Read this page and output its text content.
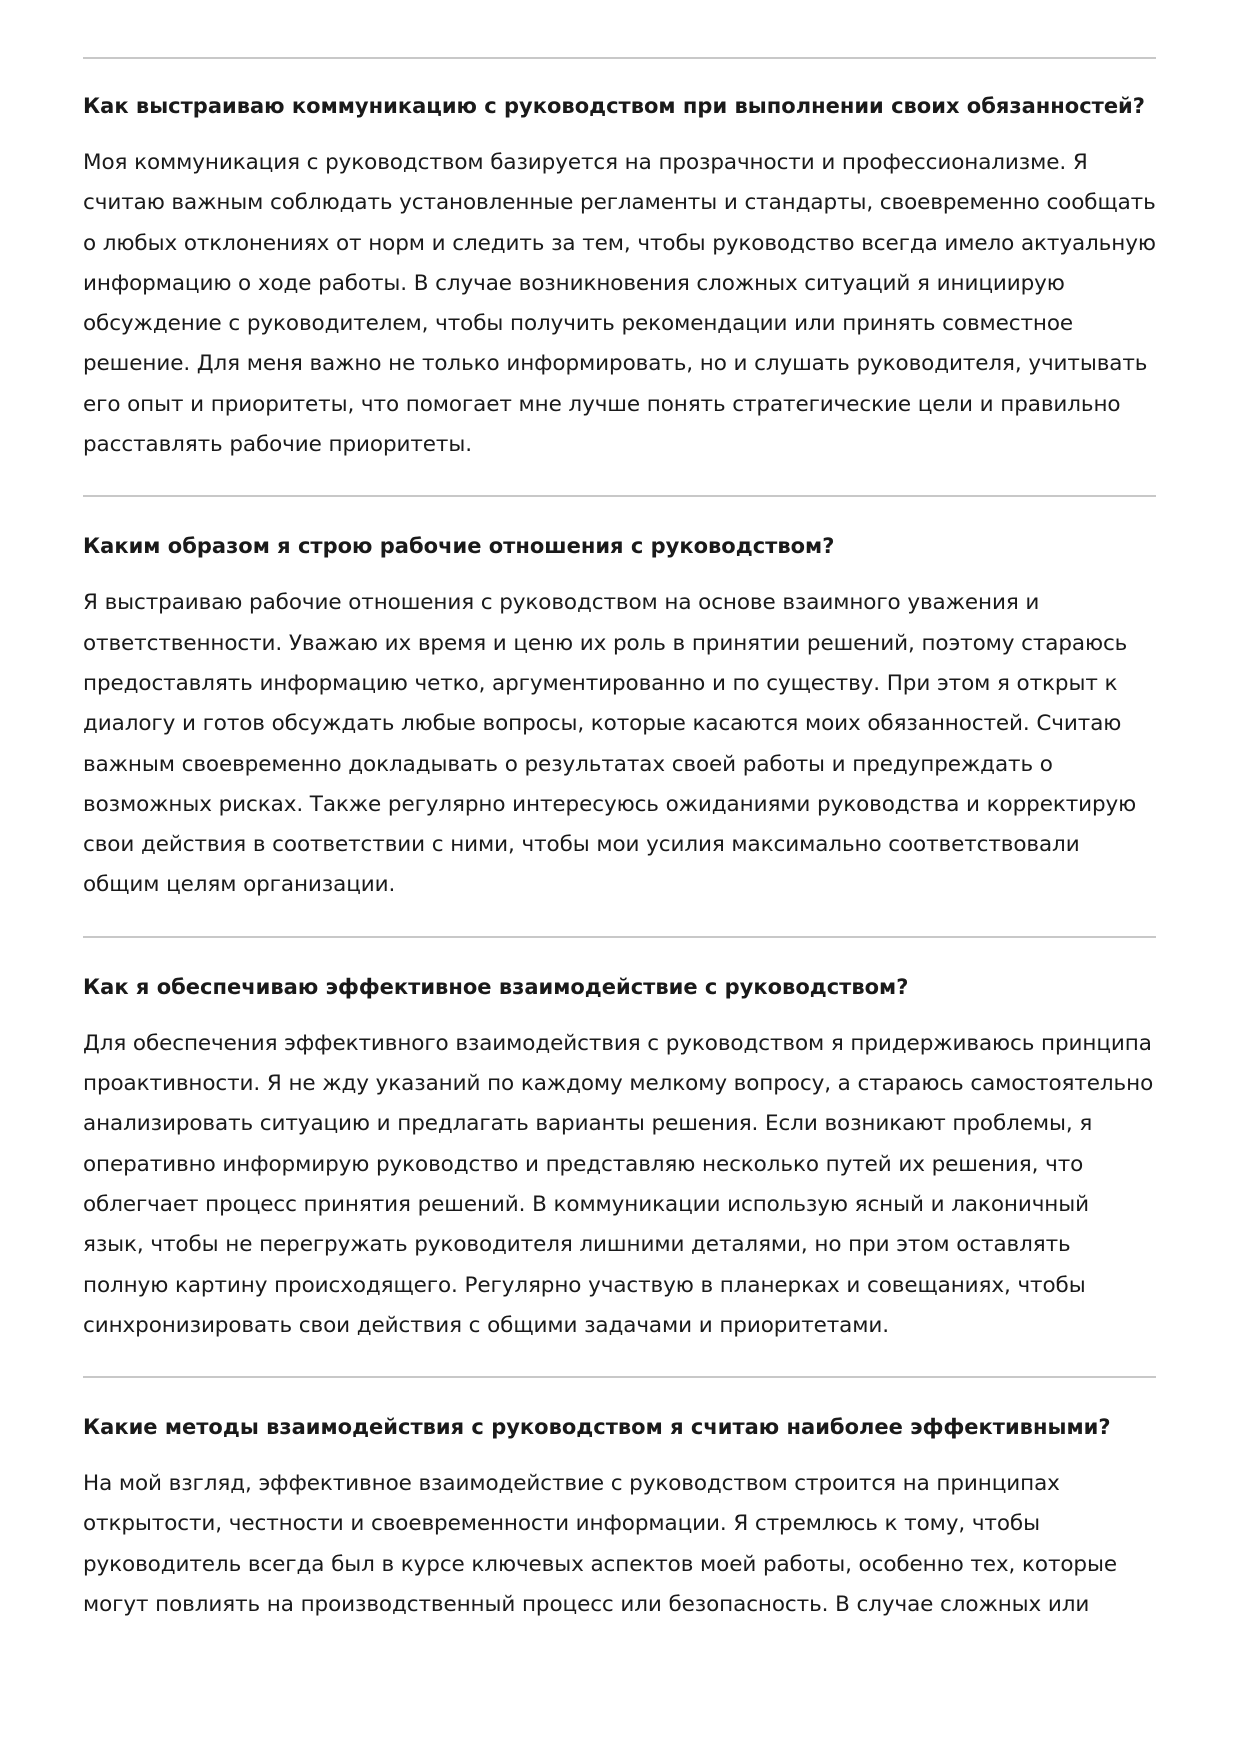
Как выстраиваю коммуникацию с руководством при выполнении своих обязанностей?

Моя коммуникация с руководством базируется на прозрачности и профессионализме. Я считаю важным соблюдать установленные регламенты и стандарты, своевременно сообщать о любых отклонениях от норм и следить за тем, чтобы руководство всегда имело актуальную информацию о ходе работы. В случае возникновения сложных ситуаций я инициирую обсуждение с руководителем, чтобы получить рекомендации или принять совместное решение. Для меня важно не только информировать, но и слушать руководителя, учитывать его опыт и приоритеты, что помогает мне лучше понять стратегические цели и правильно расставлять рабочие приоритеты.

Каким образом я строю рабочие отношения с руководством?

Я выстраиваю рабочие отношения с руководством на основе взаимного уважения и ответственности. Уважаю их время и ценю их роль в принятии решений, поэтому стараюсь предоставлять информацию четко, аргументированно и по существу. При этом я открыт к диалогу и готов обсуждать любые вопросы, которые касаются моих обязанностей. Считаю важным своевременно докладывать о результатах своей работы и предупреждать о возможных рисках. Также регулярно интересуюсь ожиданиями руководства и корректирую свои действия в соответствии с ними, чтобы мои усилия максимально соответствовали общим целям организации.

Как я обеспечиваю эффективное взаимодействие с руководством?

Для обеспечения эффективного взаимодействия с руководством я придерживаюсь принципа проактивности. Я не жду указаний по каждому мелкому вопросу, а стараюсь самостоятельно анализировать ситуацию и предлагать варианты решения. Если возникают проблемы, я оперативно информирую руководство и представляю несколько путей их решения, что облегчает процесс принятия решений. В коммуникации использую ясный и лаконичный язык, чтобы не перегружать руководителя лишними деталями, но при этом оставлять полную картину происходящего. Регулярно участвую в планерках и совещаниях, чтобы синхронизировать свои действия с общими задачами и приоритетами.

Какие методы взаимодействия с руководством я считаю наиболее эффективными?

На мой взгляд, эффективное взаимодействие с руководством строится на принципах открытости, честности и своевременности информации. Я стремлюсь к тому, чтобы руководитель всегда был в курсе ключевых аспектов моей работы, особенно тех, которые могут повлиять на производственный процесс или безопасность. В случае сложных или
